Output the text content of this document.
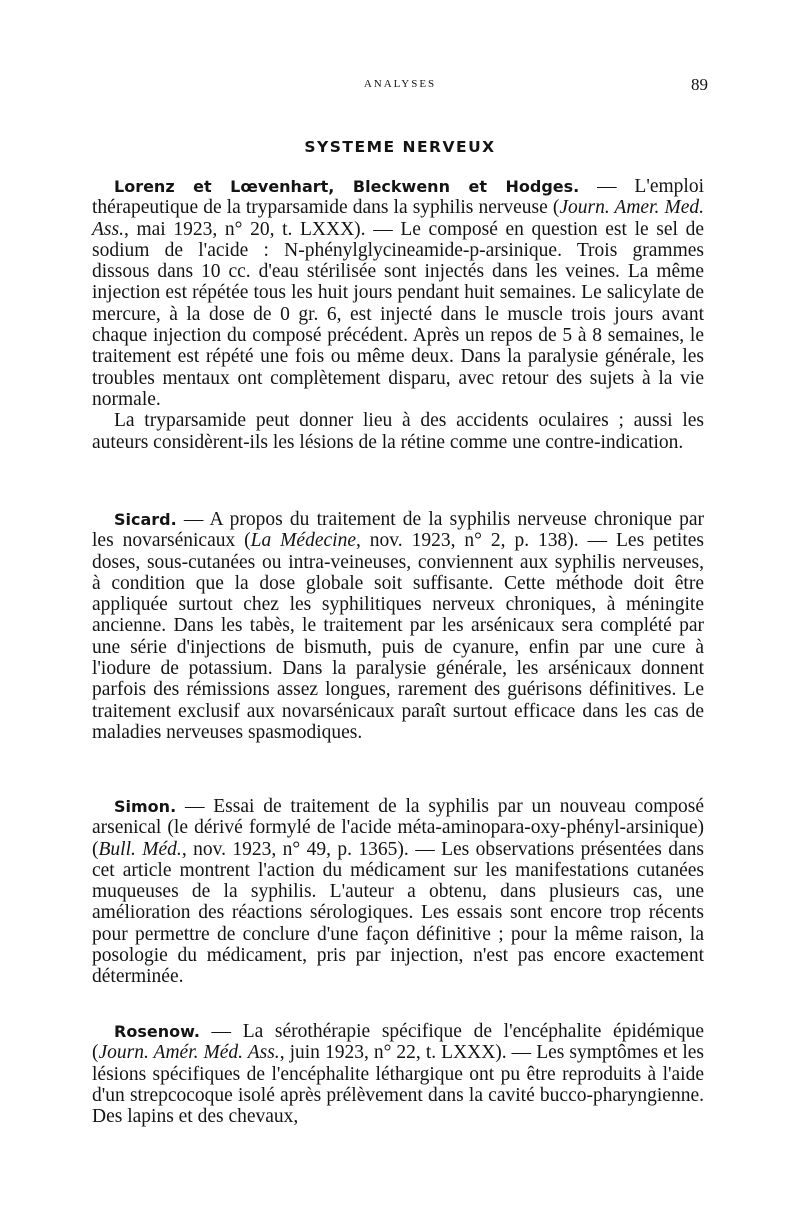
ANALYSES	89
SYSTEME NERVEUX

Lorenz et Lœvenhart, Bleckwenn et Hodges. — L'emploi thérapeutique de la tryparsamide dans la syphilis nerveuse (Journ. Amer. Med. Ass., mai 1923, n° 20, t. LXXX). — Le composé en question est le sel de sodium de l'acide : N-phénylglycineamide-p-arsinique. Trois grammes dissous dans 10 cc. d'eau stérilisée sont injectés dans les veines. La même injection est répétée tous les huit jours pendant huit semaines. Le salicylate de mercure, à la dose de 0 gr. 6, est injecté dans le muscle trois jours avant chaque injection du composé précédent. Après un repos de 5 à 8 semaines, le traitement est répété une fois ou même deux. Dans la paralysie générale, les troubles mentaux ont complètement disparu, avec retour des sujets à la vie normale.
La tryparsamide peut donner lieu à des accidents oculaires ; aussi les auteurs considèrent-ils les lésions de la rétine comme une contre-indication.

Sicard. — A propos du traitement de la syphilis nerveuse chronique par les novarsénicaux (La Médecine, nov. 1923, n° 2, p. 138). — Les petites doses, sous-cutanées ou intra-veineuses, conviennent aux syphilis nerveuses, à condition que la dose globale soit suffisante. Cette méthode doit être appliquée surtout chez les syphilitiques nerveux chroniques, à méningite ancienne. Dans les tabès, le traitement par les arsénicaux sera complété par une série d'injections de bismuth, puis de cyanure, enfin par une cure à l'iodure de potassium. Dans la paralysie générale, les arsénicaux donnent parfois des rémissions assez longues, rarement des guérisons définitives. Le traitement exclusif aux novarsénicaux paraît surtout efficace dans les cas de maladies nerveuses spasmodiques.

Simon. — Essai de traitement de la syphilis par un nouveau composé arsenical (le dérivé formylé de l'acide méta-aminopara-oxy-phényl-arsinique) (Bull. Méd., nov. 1923, n° 49, p. 1365). — Les observations présentées dans cet article montrent l'action du médicament sur les manifestations cutanées muqueuses de la syphilis. L'auteur a obtenu, dans plusieurs cas, une amélioration des réactions sérologiques. Les essais sont encore trop récents pour permettre de conclure d'une façon définitive ; pour la même raison, la posologie du médicament, pris par injection, n'est pas encore exactement déterminée.

Rosenow. — La sérothérapie spécifique de l'encéphalite épidémique (Journ. Amér. Méd. Ass., juin 1923, n° 22, t. LXXX). — Les symptômes et les lésions spécifiques de l'encéphalite léthargique ont pu être reproduits à l'aide d'un strepcocoque isolé après prélèvement dans la cavité bucco-pharyngienne. Des lapins et des chevaux,
